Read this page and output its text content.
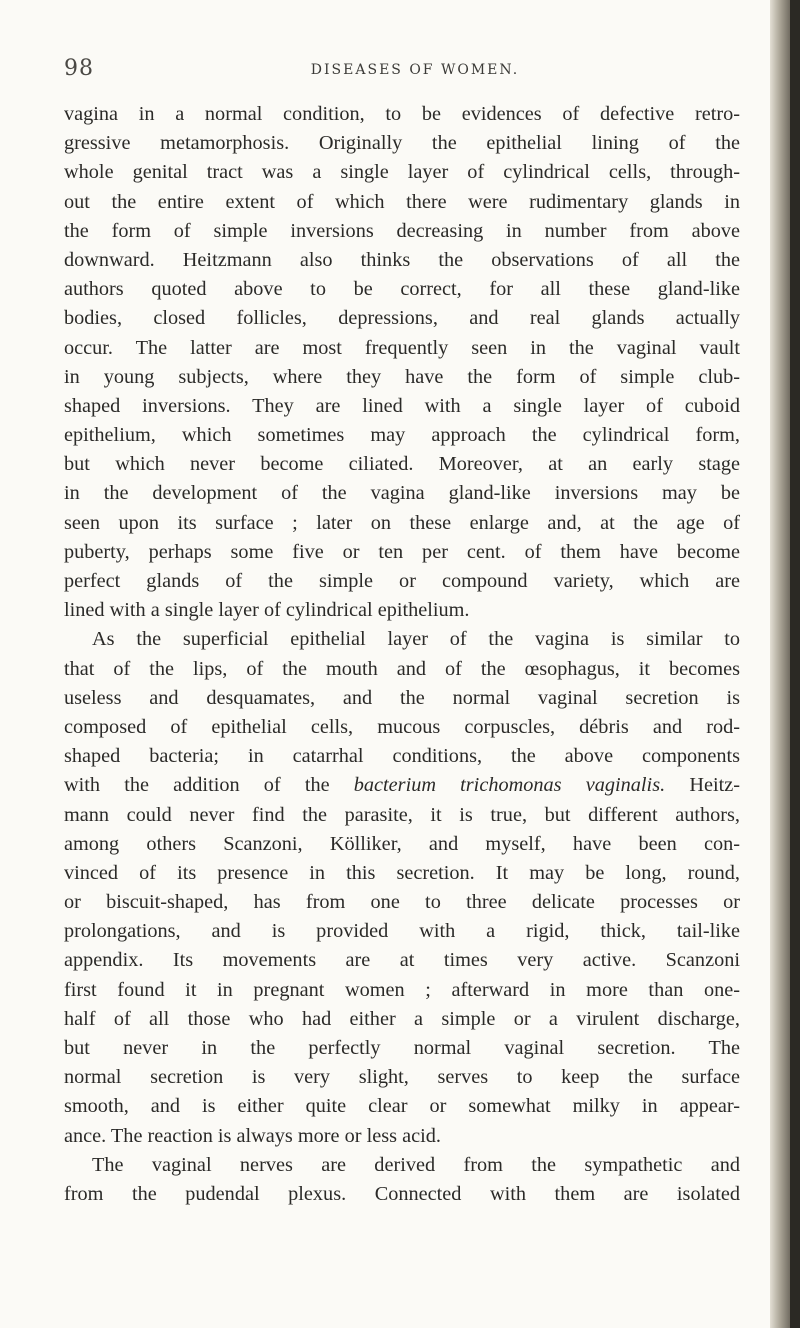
98	DISEASES OF WOMEN.
vagina in a normal condition, to be evidences of defective retro-
gressive metamorphosis. Originally the epithelial lining of the
whole genital tract was a single layer of cylindrical cells, through-
out the entire extent of which there were rudimentary glands in
the form of simple inversions decreasing in number from above
downward. Heitzmann also thinks the observations of all the
authors quoted above to be correct, for all these gland-like
bodies, closed follicles, depressions, and real glands actually
occur. The latter are most frequently seen in the vaginal vault
in young subjects, where they have the form of simple club-
shaped inversions. They are lined with a single layer of cuboid
epithelium, which sometimes may approach the cylindrical form,
but which never become ciliated. Moreover, at an early stage
in the development of the vagina gland-like inversions may be
seen upon its surface ; later on these enlarge and, at the age of
puberty, perhaps some five or ten per cent. of them have become
perfect glands of the simple or compound variety, which are
lined with a single layer of cylindrical epithelium.
As the superficial epithelial layer of the vagina is similar to
that of the lips, of the mouth and of the œsophagus, it becomes
useless and desquamates, and the normal vaginal secretion is
composed of epithelial cells, mucous corpuscles, débris and rod-
shaped bacteria; in catarrhal conditions, the above components
with the addition of the bacterium trichomonas vaginalis. Heitz-
mann could never find the parasite, it is true, but different authors,
among others Scanzoni, Kölliker, and myself, have been con-
vinced of its presence in this secretion. It may be long, round,
or biscuit-shaped, has from one to three delicate processes or
prolongations, and is provided with a rigid, thick, tail-like
appendix. Its movements are at times very active. Scanzoni
first found it in pregnant women ; afterward in more than one-
half of all those who had either a simple or a virulent discharge,
but never in the perfectly normal vaginal secretion. The
normal secretion is very slight, serves to keep the surface
smooth, and is either quite clear or somewhat milky in appear-
ance. The reaction is always more or less acid.
The vaginal nerves are derived from the sympathetic and
from the pudendal plexus. Connected with them are isolated
